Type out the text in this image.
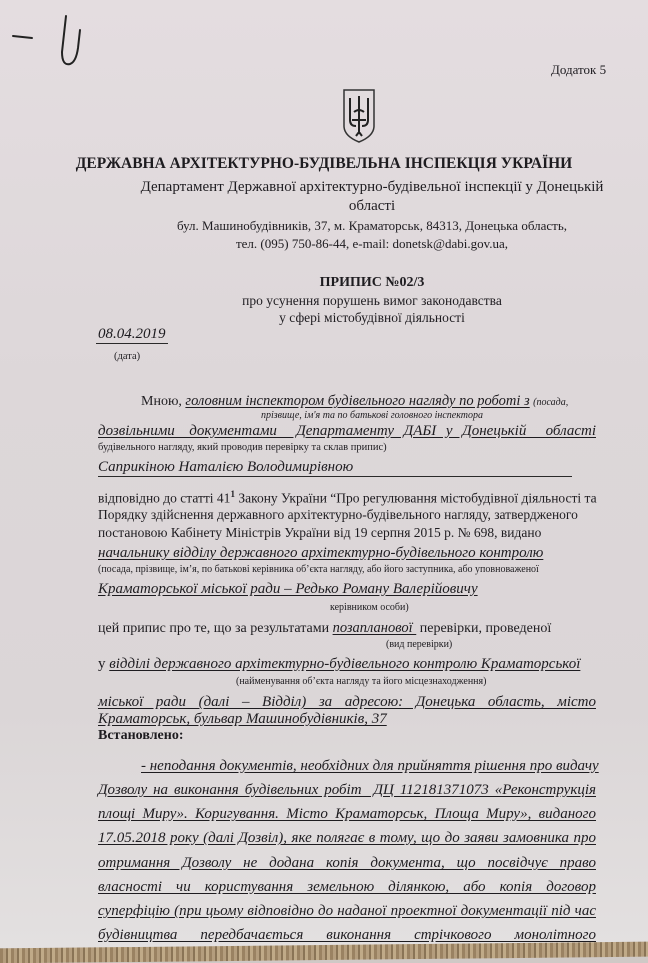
Додаток 5
ДЕРЖАВНА АРХІТЕКТУРНО-БУДІВЕЛЬНА ІНСПЕКЦІЯ УКРАЇНИ
Департамент Державної архітектурно-будівельної інспекції у Донецькій
області
бул. Машинобудівників, 37, м. Краматорськ, 84313, Донецька область,
тел. (095) 750-86-44, e-mail: donetsk@dabi.gov.ua,
ПРИПИС №02/3
про усунення порушень вимог законодавства
у сфері містобудівної діяльності
08.04.2019
(дата)
Мною, головним інспектором будівельного нагляду по роботі з (посада,
прізвище, ім'я та по батькові головного інспектора
дозвільними   документами    Департаменту  ДАБІ  у  Донецькій    області
будівельного нагляду, який проводив перевірку та склав припис)
Саприкіною Наталією Володимирівною
відповідно до статті $41^1$ Закону України “Про регулювання містобудівної діяльності та
Порядку здійснення державного архітектурно-будівельного нагляду, затвердженого
постановою Кабінету Міністрів України від 19 серпня 2015 р. № 698, видано
начальнику відділу державного архітектурно-будівельного контролю
(посада, прізвище, ім’я, по батькові керівника об’єкта нагляду, або його заступника, або уповноваженої
Краматорської міської ради – Редько Роману Валерійовичу
керівником особи)
цей припис про те, що за результатами позапланової  перевірки, проведеної
(вид перевірки)
у відділі державного архітектурно-будівельного контролю Краматорської
(найменування об’єкта нагляду та його місцезнаходження)
міської  ради  (далі  –  Відділ)  за  адресою:  Донецька  область,  місто
Краматорськ, бульвар Машинобудівників, 37
Встановлено:
- неподання документів, необхідних для прийняття рішення про видачу
Дозволу на виконання будівельних робіт  ДЦ 112181371073 «Реконструкція
площі Миру». Коригування. Місто Краматорськ, Площа Миру», виданого
17.05.2018 року (далі Дозвіл), яке полягає в тому, що до заяви замовника про
отримання  Дозволу  не  додана  копія  документа,  що  посвідчує  право
власності  чи  користування  земельною  ділянкою,  або  копія  договор
суперфіцію (при цьому відповідно до наданої проектної документації під час
будівництва      передбачається      виконання      стрічкового      монолітного
